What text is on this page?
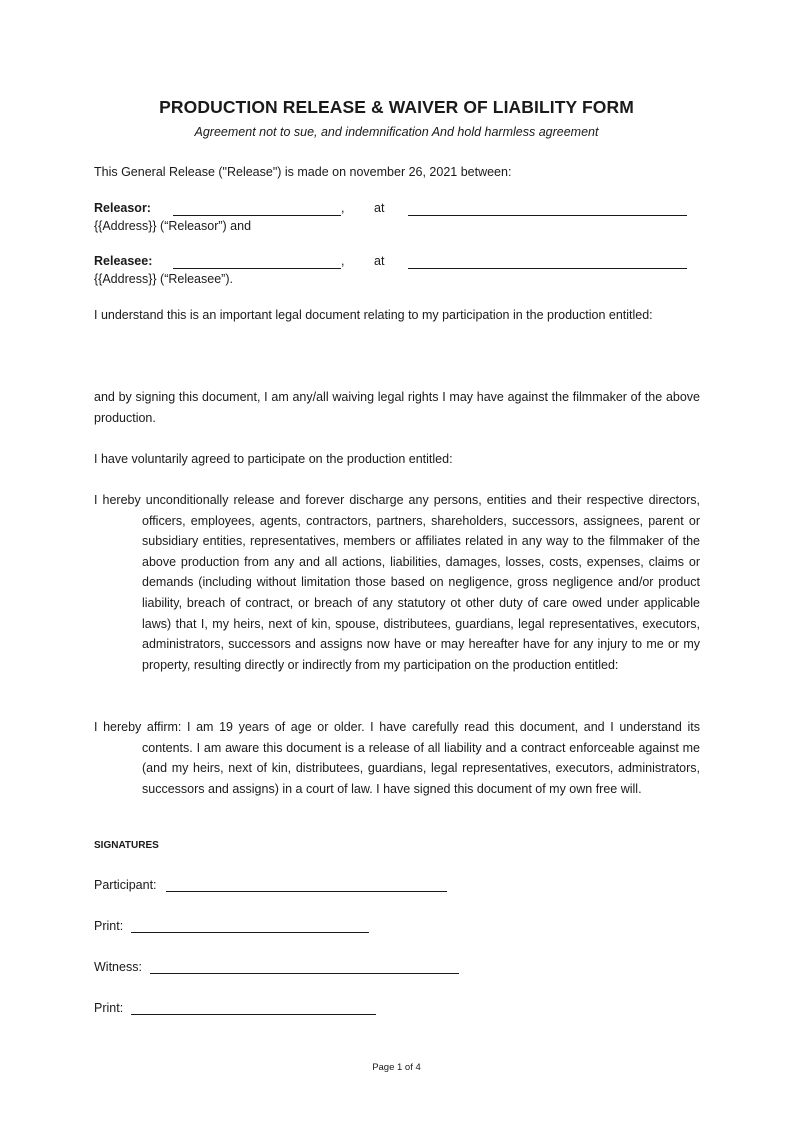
PRODUCTION RELEASE & WAIVER OF LIABILITY FORM
Agreement not to sue, and indemnification And hold harmless agreement
This General Release ("Release") is made on november 26, 2021 between:
Releasor:	, at
{{Address}} (“Releasor”) and
Releasee:	, at
{{Address}} (“Releasee”).
I understand this is an important legal document relating to my participation in the production entitled:
and by signing this document, I am any/all waiving legal rights I may have against the filmmaker of the above production.
I have voluntarily agreed to participate on the production entitled:
I hereby unconditionally release and forever discharge any persons, entities and their respective directors, officers, employees, agents, contractors, partners, shareholders, successors, assignees, parent or subsidiary entities, representatives, members or affiliates related in any way to the filmmaker of the above production from any and all actions, liabilities, damages, losses, costs, expenses, claims or demands (including without limitation those based on negligence, gross negligence and/or product liability, breach of contract, or breach of any statutory ot other duty of care owed under applicable laws) that I, my heirs, next of kin, spouse, distributees, guardians, legal representatives, executors, administrators, successors and assigns now have or may hereafter have for any injury to me or my property, resulting directly or indirectly from my participation on the production entitled:
I hereby affirm: I am 19 years of age or older. I have carefully read this document, and I understand its contents. I am aware this document is a release of all liability and a contract enforceable against me (and my heirs, next of kin, distributees, guardians, legal representatives, executors, administrators, successors and assigns) in a court of law. I have signed this document of my own free will.
SIGNATURES
Participant:
Print:
Witness:
Print:
Page 1 of 4
